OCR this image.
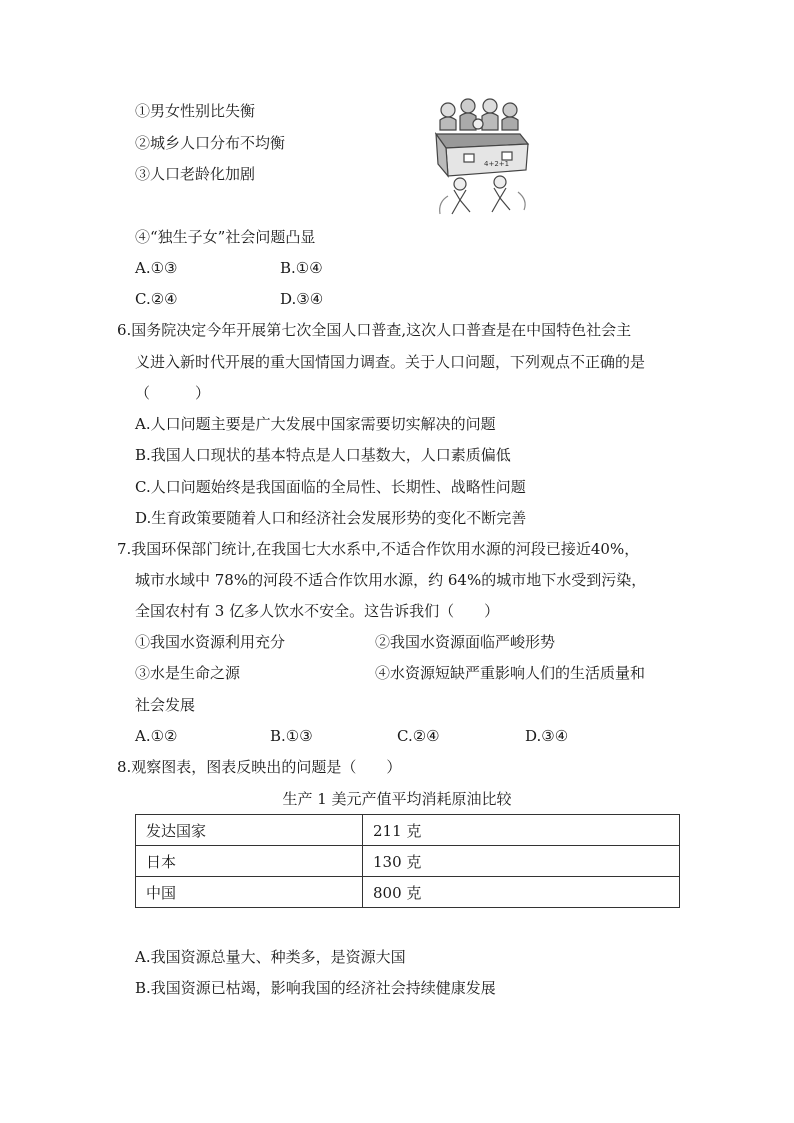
①男女性别比失衡
②城乡人口分布不均衡
③人口老龄化加剧
4+2+1
④“独生子女”社会问题凸显
A.①③	B.①④
C.②④	D.③④
6.国务院决定今年开展第七次全国人口普查,这次人口普查是在中国特色社会主
义进入新时代开展的重大国情国力调查。关于人口问题，下列观点不正确的是
（　　　）
A.人口问题主要是广大发展中国家需要切实解决的问题
B.我国人口现状的基本特点是人口基数大，人口素质偏低
C.人口问题始终是我国面临的全局性、长期性、战略性问题
D.生育政策要随着人口和经济社会发展形势的变化不断完善
7.我国环保部门统计,在我国七大水系中,不适合作饮用水源的河段已接近40%，
城市水域中 78%的河段不适合作饮用水源，约 64%的城市地下水受到污染，
全国农村有 3 亿多人饮水不安全。这告诉我们（　　）
①我国水资源利用充分	②我国水资源面临严峻形势
③水是生命之源	④水资源短缺严重影响人们的生活质量和
社会发展
A.①②	B.①③	C.②④	D.③④
8.观察图表，图表反映出的问题是（　　）
生产 1 美元产值平均消耗原油比较
发达国家	211 克
日本	130 克
中国	800 克
A.我国资源总量大、种类多，是资源大国
B.我国资源已枯竭，影响我国的经济社会持续健康发展
